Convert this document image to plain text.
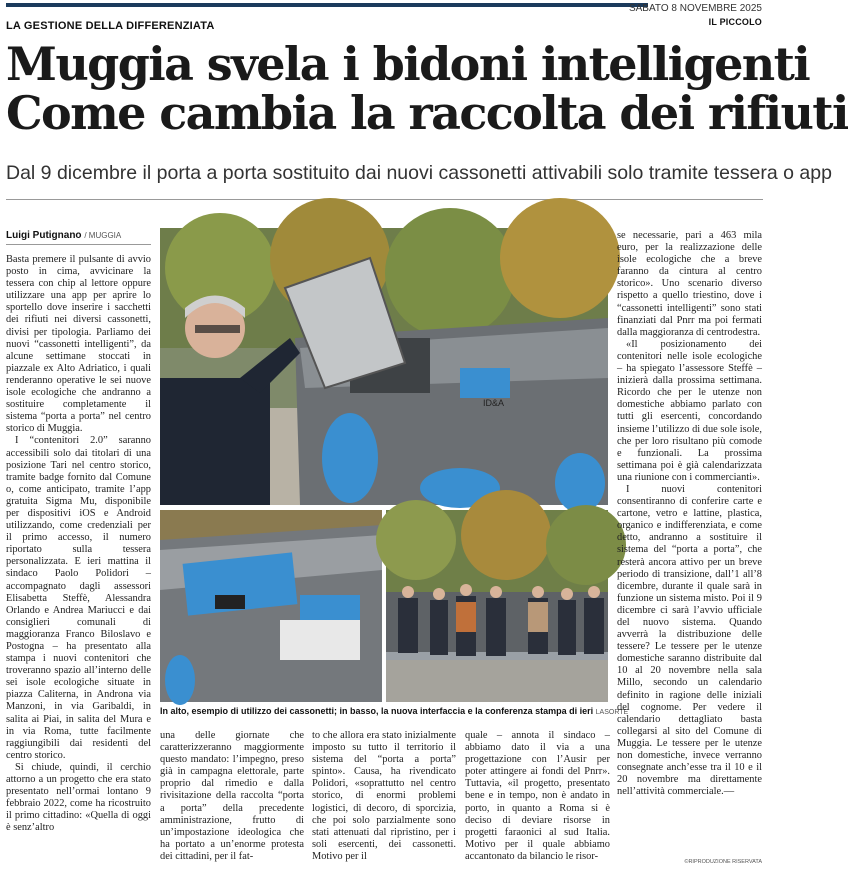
SABATO 8 NOVEMBRE 2025
IL PICCOLO
LA GESTIONE DELLA DIFFERENZIATA
Muggia svela i bidoni intelligenti
Come cambia la raccolta dei rifiuti
Dal 9 dicembre il porta a porta sostituito dai nuovi cassonetti attivabili solo tramite tessera o app
Luigi Putignano / MUGGIA

Basta premere il pulsante di avvio posto in cima, avvicinare la tessera con chip al lettore oppure utilizzare una app per aprire lo sportello dove inserire i sacchetti dei rifiuti nei diversi cassonetti, divisi per tipologia. Parliamo dei nuovi “cassonetti intelligenti”, da alcune settimane stoccati in piazzale ex Alto Adriatico, i quali renderanno operative le sei nuove isole ecologiche che andranno a sostituire completamente il sistema “porta a porta” nel centro storico di Muggia.

I “contenitori 2.0” saranno accessibili solo dai titolari di una posizione Tari nel centro storico, tramite badge fornito dal Comune o, come anticipato, tramite l’app gratuita Sigma Mu, disponibile per dispositivi iOS e Android utilizzando, come credenziali per il primo accesso, il numero riportato sulla tessera personalizzata. E ieri mattina il sindaco Paolo Polidori – accompagnato dagli assessori Elisabetta Steffè, Alessandra Orlando e Andrea Mariucci e dai consiglieri comunali di maggioranza Franco Biloslavo e Postogna – ha presentato alla stampa i nuovi contenitori che troveranno spazio all’interno delle sei isole ecologiche situate in piazza Caliterna, in Androna via Manzoni, in via Garibaldi, in salita ai Piai, in salita del Mura e in via Roma, tutte facilmente raggiungibili dai residenti del centro storico.

Si chiude, quindi, il cerchio attorno a un progetto che era stato presentato nell’ormai lontano 9 febbraio 2022, come ha ricostruito il primo cittadino: «Quella di oggi è senz’altro

ID&A
In alto, esempio di utilizzo dei cassonetti; in basso, la nuova interfaccia e la conferenza stampa di ieri LASORTE

una delle giornate che caratterizzeranno maggiormente questo mandato: l’impegno, preso già in campagna elettorale, parte proprio dal rimedio e dalla rivisitazione della raccolta “porta a porta” della precedente amministrazione, frutto di un’impostazione ideologica che ha portato a un’enorme protesta dei cittadini, per il fat-

to che allora era stato inizialmente imposto su tutto il territorio il sistema del “porta a porta” spinto». Causa, ha rivendicato Polidori, «soprattutto nel centro storico, di enormi problemi logistici, di decoro, di sporcizia, che poi solo parzialmente sono stati attenuati dal ripristino, per i soli esercenti, dei cassonetti. Motivo per il

quale – annota il sindaco – abbiamo dato il via a una progettazione con l’Ausir per poter attingere ai fondi del Pnrr». Tuttavia, «il progetto, presentato bene e in tempo, non è andato in porto, in quanto a Roma si è deciso di deviare risorse in progetti faraonici al sud Italia. Motivo per il quale abbiamo accantonato da bilancio le risor-

se necessarie, pari a 463 mila euro, per la realizzazione delle isole ecologiche che a breve faranno da cintura al centro storico». Uno scenario diverso rispetto a quello triestino, dove i “cassonetti intelligenti” sono stati finanziati dal Pnrr ma poi fermati dalla maggioranza di centrodestra.

«Il posizionamento dei contenitori nelle isole ecologiche – ha spiegato l’assessore Steffè – inizierà dalla prossima settimana. Ricordo che per le utenze non domestiche abbiamo parlato con tutti gli esercenti, concordando insieme l’utilizzo di due sole isole, che per loro risultano più comode e funzionali. La prossima settimana poi è già calendarizzata una riunione con i commercianti».

I nuovi contenitori consentiranno di conferire carte e cartone, vetro e lattine, plastica, organico e indifferenziata, e come detto, andranno a sostituire il sistema del “porta a porta”, che resterà ancora attivo per un breve periodo di transizione, dall’1 all’8 dicembre, durante il quale sarà in funzione un sistema misto. Poi il 9 dicembre ci sarà l’avvio ufficiale del nuovo sistema. Quando avverrà la distribuzione delle tessere? Le tessere per le utenze domestiche saranno distribuite dal 10 al 20 novembre nella sala Millo, secondo un calendario definito in ragione delle iniziali del cognome. Per vedere il calendario dettagliato basta collegarsi al sito del Comune di Muggia. Le tessere per le utenze non domestiche, invece verranno consegnate anch’esse tra il 10 e il 20 novembre ma direttamente nell’attività commerciale.—

©RIPRODUZIONE RISERVATA
